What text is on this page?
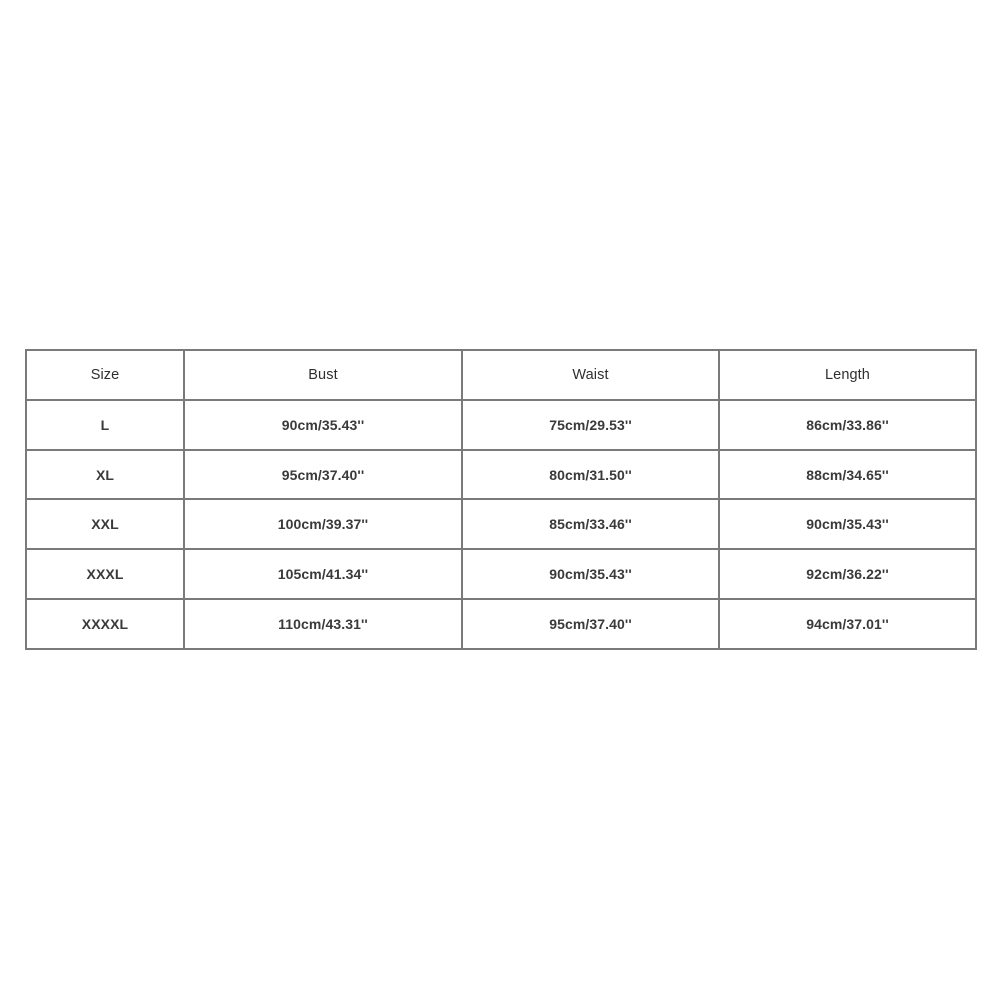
Size	Bust	Waist	Length
L	90cm/35.43''	75cm/29.53''	86cm/33.86''
XL	95cm/37.40''	80cm/31.50''	88cm/34.65''
XXL	100cm/39.37''	85cm/33.46''	90cm/35.43''
XXXL	105cm/41.34''	90cm/35.43''	92cm/36.22''
XXXXL	110cm/43.31''	95cm/37.40''	94cm/37.01''
